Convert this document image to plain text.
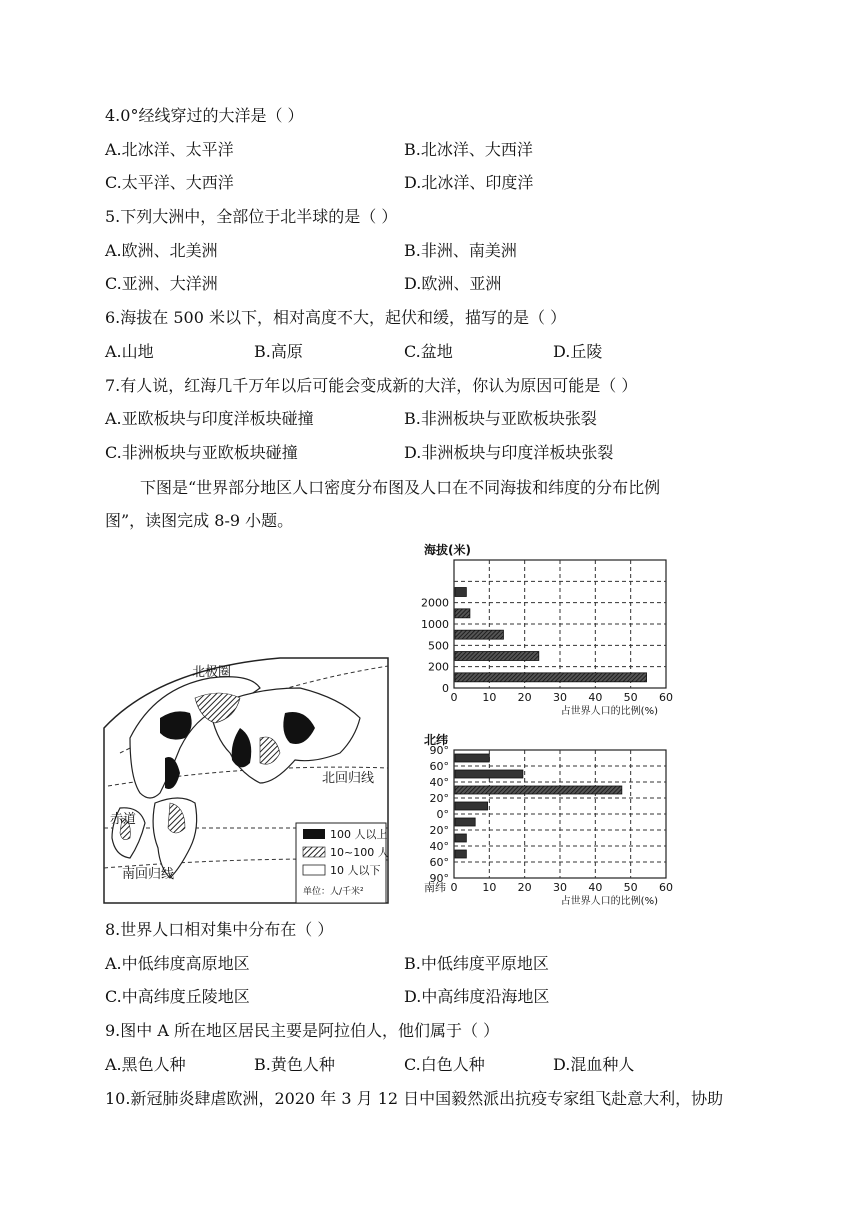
4.0°经线穿过的大洋是（ ）
A.北冰洋、太平洋	B.北冰洋、大西洋
C.太平洋、大西洋	D.北冰洋、印度洋
5.下列大洲中，全部位于北半球的是（ ）
A.欧洲、北美洲	B.非洲、南美洲
C.亚洲、大洋洲	D.欧洲、亚洲
6.海拔在 500 米以下，相对高度不大，起伏和缓，描写的是（ ）
A.山地	B.高原	C.盆地	D.丘陵
7.有人说，红海几千万年以后可能会变成新的大洋，你认为原因可能是（ ）
A.亚欧板块与印度洋板块碰撞	B.非洲板块与亚欧板块张裂
C.非洲板块与亚欧板块碰撞	D.非洲板块与印度洋板块张裂
下图是“世界部分地区人口密度分布图及人口在不同海拔和纬度的分布比例
图”，读图完成 8-9 小题。
北极圈
北回归线
赤道
南回归线
100 人以上
10~100 人
10 人以下
单位：人/千米²
0 10 20 30 40 50 60
0
200
500
1000
2000
海拔(米)
占世界人口的比例(%)
0 10 20 30 40 50 60
90°
60°
40°
20°
0°
20°
40°
60°
90°
北纬
占世界人口的比例(%)
南纬
8.世界人口相对集中分布在（ ）
A.中低纬度高原地区	B.中低纬度平原地区
C.中高纬度丘陵地区	D.中高纬度沿海地区
9.图中 A 所在地区居民主要是阿拉伯人，他们属于（ ）
A.黑色人种	B.黄色人种	C.白色人种	D.混血种人
10.新冠肺炎肆虐欧洲，2020 年 3 月 12 日中国毅然派出抗疫专家组飞赴意大利，协助
